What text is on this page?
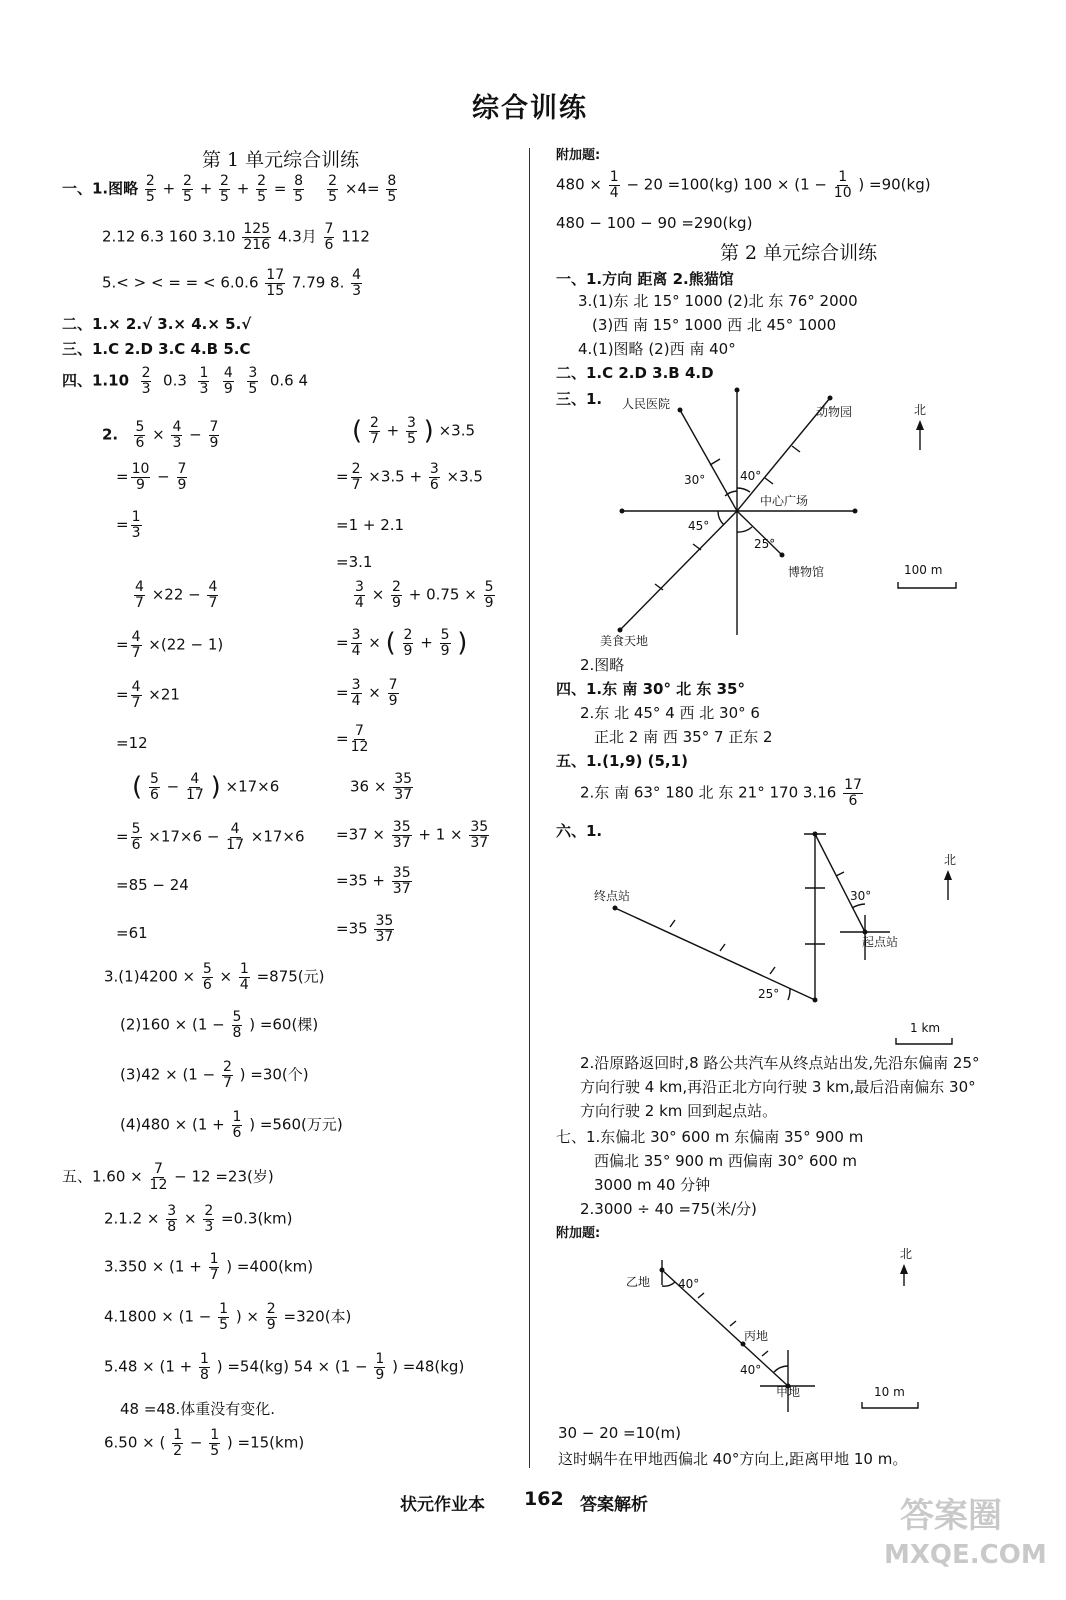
综合训练
第 1 单元综合训练
一、1.图略 $\frac{2}{5} + \frac{2}{5} + \frac{2}{5} + \frac{2}{5} = \frac{8}{5}$
$\frac{2}{5} \times 4= \frac{8}{5}$
2.12 6.3 160 $3.10 \frac{125}{216} 4.3$月 $\frac{7}{6} 112$
5.< > < = = < $6.0.6 \frac{17}{15} 7.79$ 8. $\frac{4}{3}$
二、1.× 2.√ 3.× 4.× 5.√
三、1.C 2.D 3.C 4.B 5.C
四、$1.10 \frac{2}{3} 0.3 \frac{1}{3}$
$\frac{4}{9}$
$\frac{3}{5} 0.6$ 4
2. $\frac{5}{6} \times \frac{4}{3} - \frac{7}{9}$
= $\frac{10}{9} - \frac{7}{9}$
= $\frac{1}{3}$
( $\frac{2}{7} + \frac{3}{5}$ ) ×3.5
= $\frac{2}{7} \times 3.5 + \frac{3}{6} \times 3.5$
=1 + 2.1
=3.1
$\frac{4}{7} \times 22 - \frac{4}{7}$
= $\frac{4}{7} \times(22 - 1)$
= $\frac{4}{7} \times 21$
=12
$\frac{3}{4} \times \frac{2}{9} + 0.75 \times \frac{5}{9}$
= $\frac{3}{4}$ × ( $\frac{2}{9} + \frac{5}{9}$ )
= $\frac{3}{4} \times \frac{7}{9}$
= $\frac{7}{12}$
( $\frac{5}{6} - \frac{4}{17}$ ) ×17×6
= $\frac{5}{6} \times 17\times 6 - \frac{4}{17} \times 17\times 6$
=85 − 24
=61
$36 \times \frac{35}{37}$
$=37 \times \frac{35}{37} + 1 \times \frac{35}{37}$
$=35 + \frac{35}{37}$
$=35 \frac{35}{37}$
$3.(1)4200 \times \frac{5}{6} \times \frac{1}{4} =875$(元)
$(2)160 \times (1 - \frac{5}{8}$ ) =60(棵)
$(3)42 \times (1 - \frac{2}{7}$ ) =30(个)
$(4)480 \times (1 + \frac{1}{6}$ ) =560(万元)
五、$1.60 \times \frac{7}{12} - 12 =23$(岁)
$2.1.2 \times \frac{3}{8} \times \frac{2}{3} =0.3(km)$
$3.350 \times (1 + \frac{1}{7}$ ) =400(km)
$4.1800 \times (1 - \frac{1}{5}$ ) × $\frac{2}{9} =320$(本)
$5.48 \times (1 + \frac{1}{8}$ ) =54(kg) $54 \times (1 - \frac{1}{9}$ ) =48(kg)
48 =48.体重没有变化.
6.50 × ( $\frac{1}{2} - \frac{1}{5}$ ) =15(km)
附加题:
$480 \times \frac{1}{4} - 20 =100(kg) 100 \times (1 - \frac{1}{10}$ ) =90(kg)
480 − 100 − 90 =290(kg)
第 2 单元综合训练
一、1.方向 距离 2.熊猫馆
3.(1)东 北 15° 1000 (2)北 东 76° 2000
(3)西 南 15° 1000 西 北 45° 1000
4.(1)图略 (2)西 南 40°
二、1.C 2.D 3.B 4.D
三、1. 人民医院
动物园
中心广场
博物馆
美食天地
30°	40°
45°
25°
北
100 m
2.图略
四、1.东 南 30° 北 东 35°
2.东 北 45° 4 西 北 30° 6
正北 2 南 西 35° 7 正东 2
五、1.(1,9) (5,1)
2.东 南 63° 180 北 东 21° 170 $3.16 \frac{17}{6}$
六、1.
终点站
起点站
30°
25°
北
1 km
2.沿原路返回时,8 路公共汽车从终点站出发,先沿东偏南 25°
方向行驶 4 km,再沿正北方向行驶 3 km,最后沿南偏东 30°
方向行驶 2 km 回到起点站。
七、1.东偏北 30° 600 m 东偏南 35° 900 m
西偏北 35° 900 m 西偏南 30° 600 m
3000 m 40 分钟
2.3000 ÷ 40 =75(米/分)
附加题:
乙地
丙地
甲地
40°
40°
北
10 m
30 − 20 =10(m)
这时蜗牛在甲地西偏北 40°方向上,距离甲地 10 m。
状元作业本 162 答案解析	答案圈
MXQE.COM
